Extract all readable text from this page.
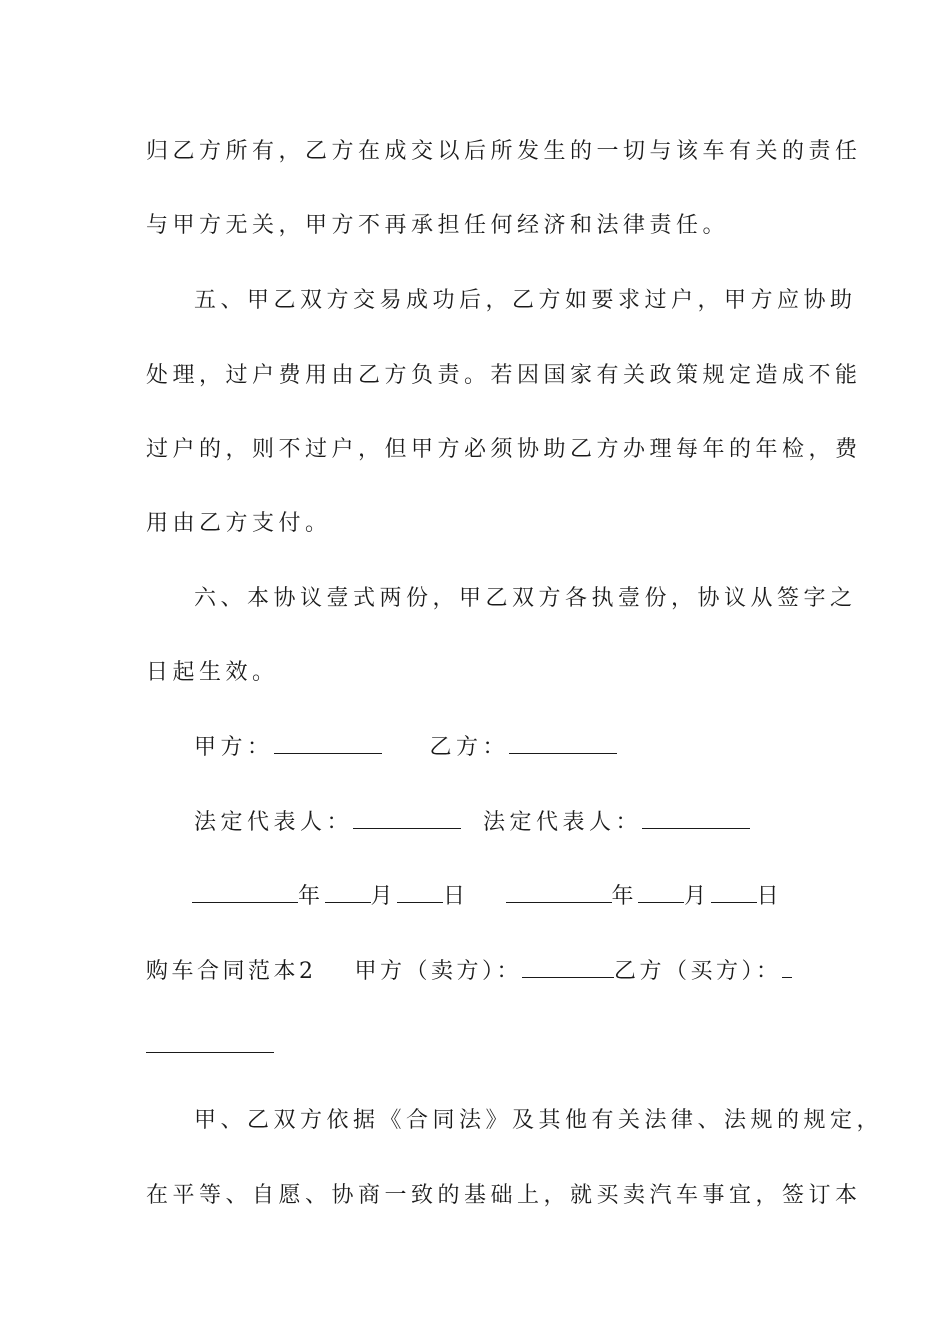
归乙方所有，乙方在成交以后所发生的一切与该车有关的责任
与甲方无关，甲方不再承担任何经济和法律责任。
五、甲乙双方交易成功后，乙方如要求过户，甲方应协助
处理，过户费用由乙方负责。若因国家有关政策规定造成不能
过户的，则不过户，但甲方必须协助乙方办理每年的年检，费
用由乙方支付。
六、本协议壹式两份，甲乙双方各执壹份，协议从签字之
日起生效。
甲方：	乙方：
法定代表人：	法定代表人：
年 月 日	年 月 日
购车合同范本2 甲方（卖方）：	乙方（买方）：
甲、乙双方依据《合同法》及其他有关法律、法规的规定，
在平等、自愿、协商一致的基础上，就买卖汽车事宜，签订本
